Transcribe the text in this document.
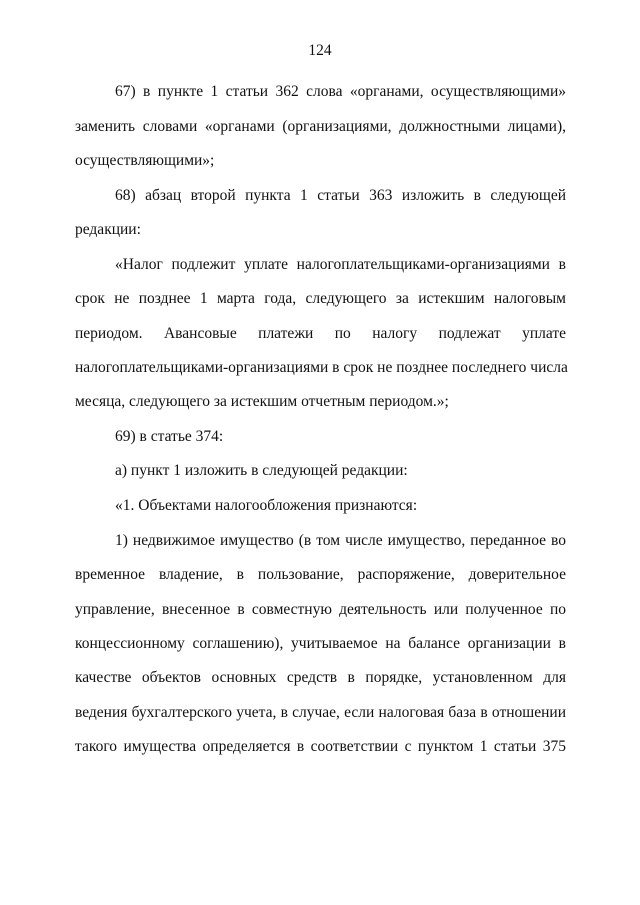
124
67) в пункте 1 статьи 362 слова «органами, осуществляющими»
заменить словами «органами (организациями, должностными лицами),
осуществляющими»;
68) абзац второй пункта 1 статьи 363 изложить в следующей
редакции:
«Налог подлежит уплате налогоплательщиками-организациями в
срок не позднее 1 марта года, следующего за истекшим налоговым
периодом. Авансовые платежи по налогу подлежат уплате
налогоплательщиками-организациями в срок не позднее последнего числа
месяца, следующего за истекшим отчетным периодом.»;
69) в статье 374:
а) пункт 1 изложить в следующей редакции:
«1. Объектами налогообложения признаются:
1) недвижимое имущество (в том числе имущество, переданное во
временное владение, в пользование, распоряжение, доверительное
управление, внесенное в совместную деятельность или полученное по
концессионному соглашению), учитываемое на балансе организации в
качестве объектов основных средств в порядке, установленном для
ведения бухгалтерского учета, в случае, если налоговая база в отношении
такого имущества определяется в соответствии с пунктом 1 статьи 375
